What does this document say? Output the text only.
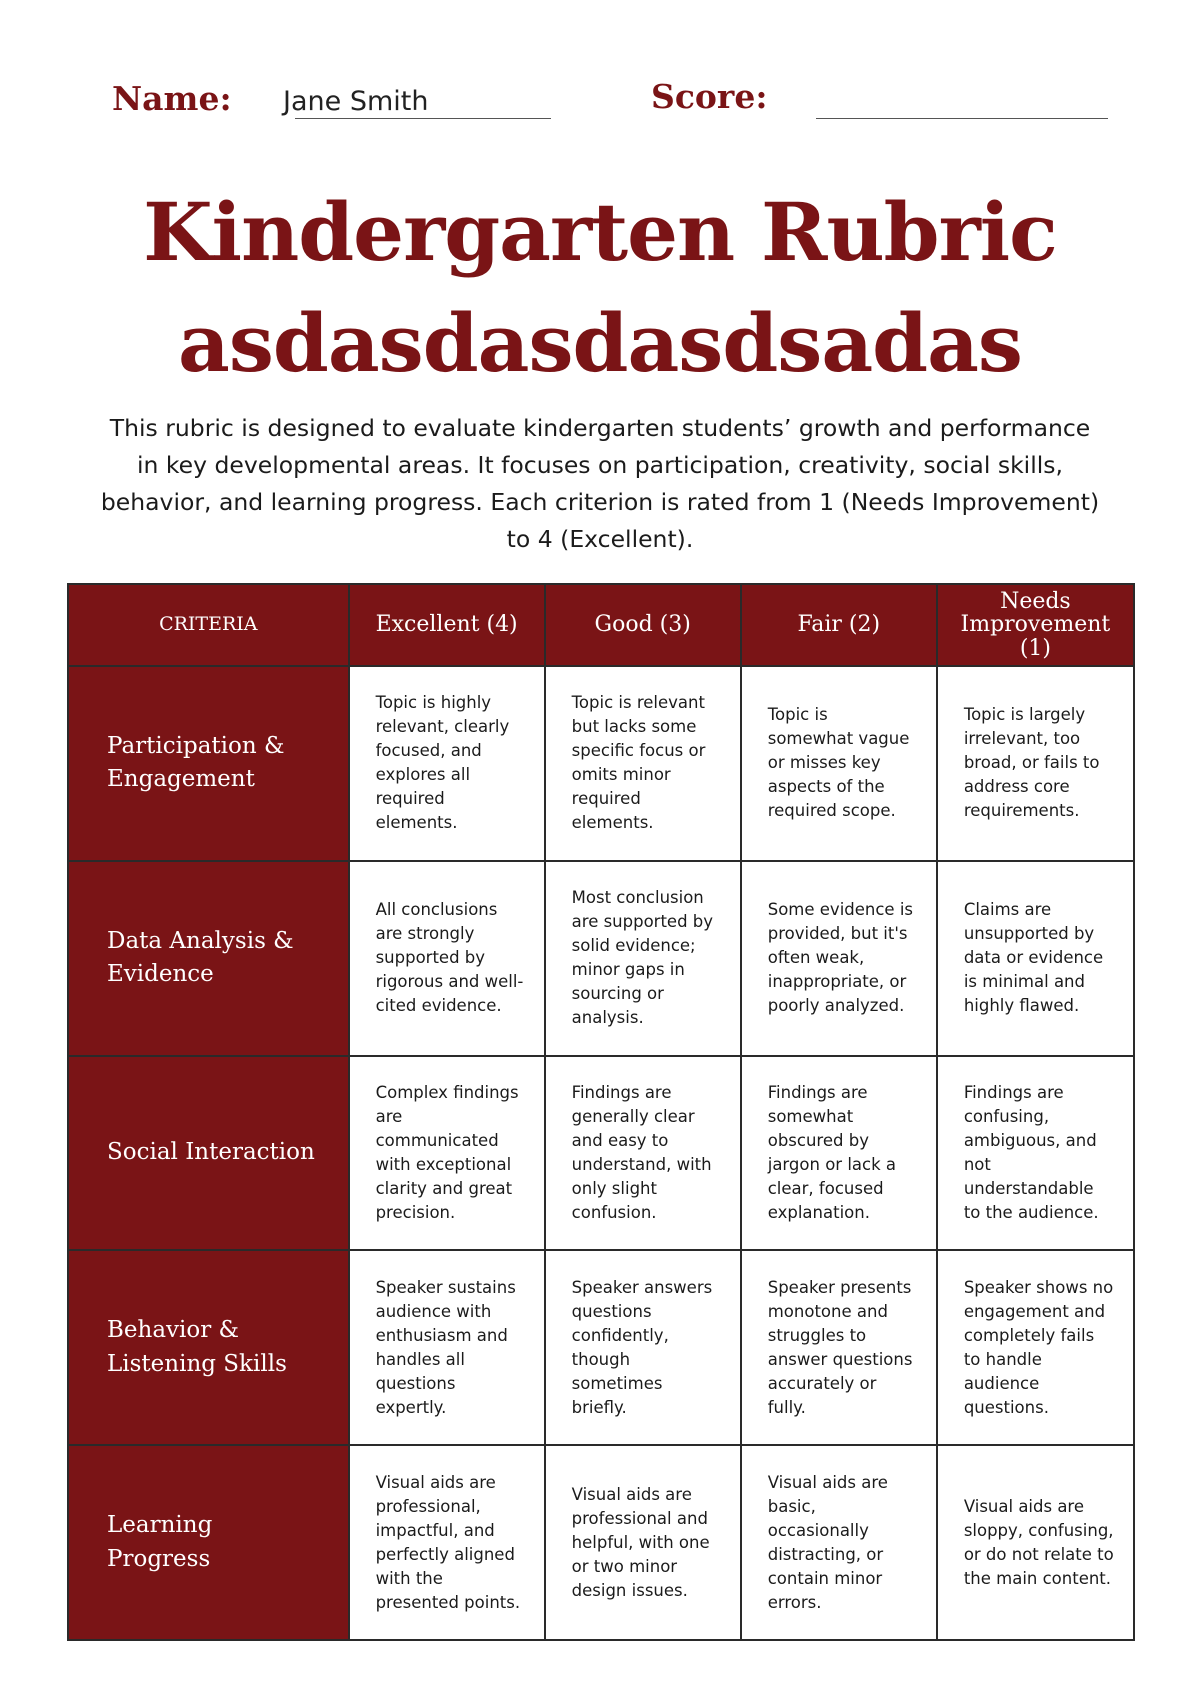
Name: Jane Smith	Score:
Kindergarten Rubric
asdasdasdasdsadas

This rubric is designed to evaluate kindergarten students’ growth and performance in key developmental areas. It focuses on participation, creativity, social skills, behavior, and learning progress. Each criterion is rated from 1 (Needs Improvement) to 4 (Excellent).

CRITERIA	Excellent (4)	Good (3)	Fair (2)	Needs Improvement (1)
Participation & Engagement	Topic is highly relevant, clearly focused, and explores all required elements.	Topic is relevant but lacks some specific focus or omits minor required elements.	Topic is somewhat vague or misses key aspects of the required scope.	Topic is largely irrelevant, too broad, or fails to address core requirements.
Data Analysis & Evidence	All conclusions are strongly supported by rigorous and well-cited evidence.	Most conclusion are supported by solid evidence; minor gaps in sourcing or analysis.	Some evidence is provided, but it's often weak, inappropriate, or poorly analyzed.	Claims are unsupported by data or evidence is minimal and highly flawed.
Social Interaction	Complex findings are communicated with exceptional clarity and great precision.	Findings are generally clear and easy to understand, with only slight confusion.	Findings are somewhat obscured by jargon or lack a clear, focused explanation.	Findings are confusing, ambiguous, and not understandable to the audience.
Behavior & Listening Skills	Speaker sustains audience with enthusiasm and handles all questions expertly.	Speaker answers questions confidently, though sometimes briefly.	Speaker presents monotone and struggles to answer questions accurately or fully.	Speaker shows no engagement and completely fails to handle audience questions.
Learning Progress	Visual aids are professional, impactful, and perfectly aligned with the presented points.	Visual aids are professional and helpful, with one or two minor design issues.	Visual aids are basic, occasionally distracting, or contain minor errors.	Visual aids are sloppy, confusing, or do not relate to the main content.
